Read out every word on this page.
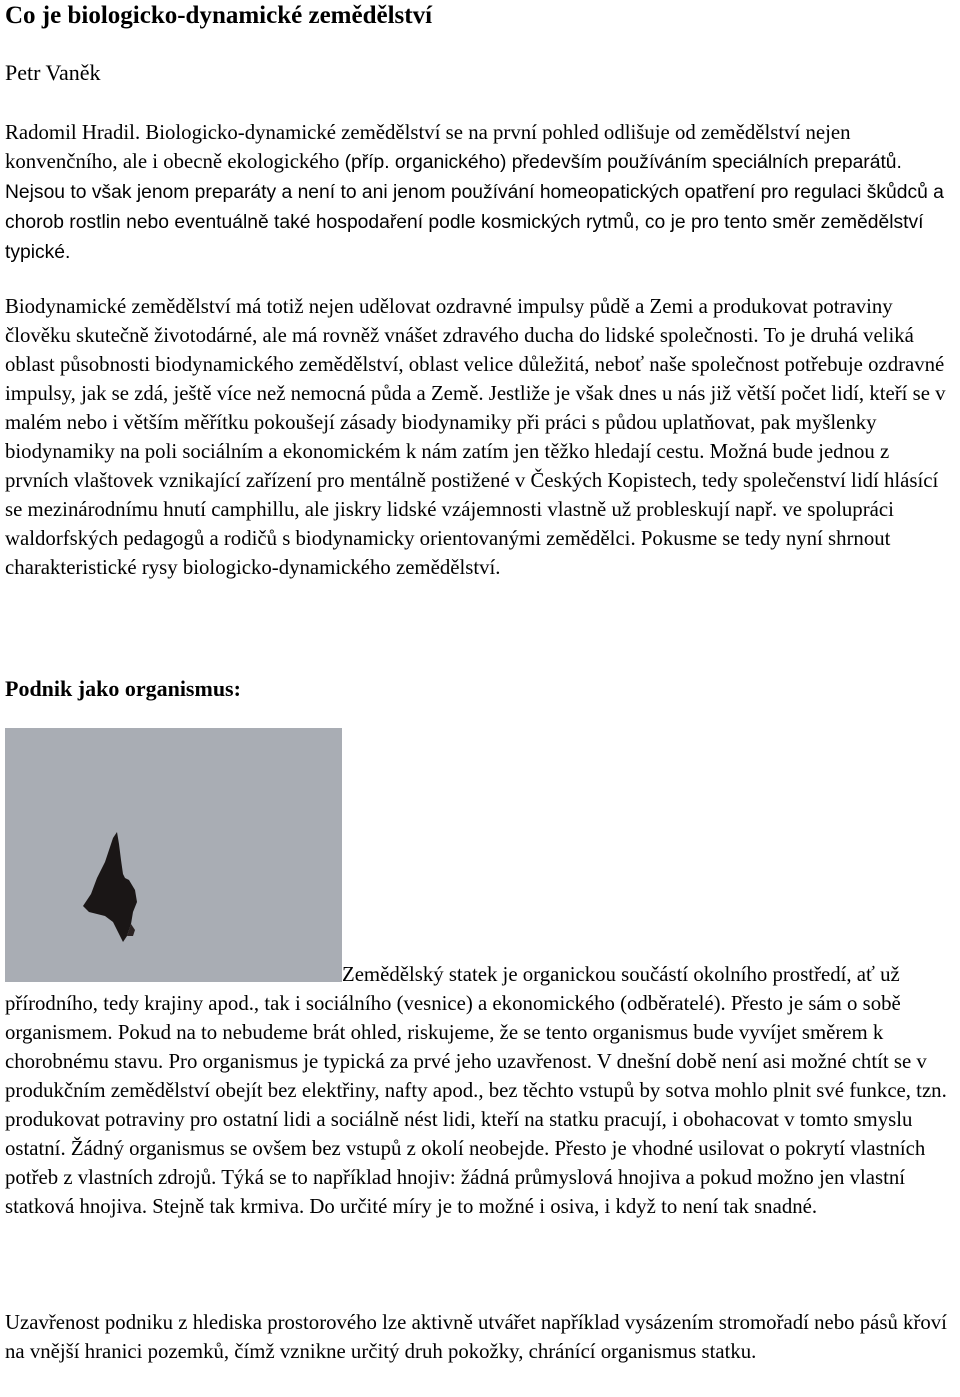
Co je biologicko-dynamické zemědělství
Petr Vaněk

Radomil Hradil. Biologicko-dynamické zemědělství se na první pohled odlišuje od zemědělství nejen konvenčního, ale i obecně ekologického (příp. organického) především používáním speciálních preparátů. Nejsou to však jenom preparáty a není to ani jenom používání homeopatických opatření pro regulaci škůdců a chorob rostlin nebo eventuálně také hospodaření podle kosmických rytmů, co je pro tento směr zemědělství typické.

Biodynamické zemědělství má totiž nejen udělovat ozdravné impulsy půdě a Zemi a produkovat potraviny člověku skutečně životodárné, ale má rovněž vnášet zdravého ducha do lidské společnosti. To je druhá veliká oblast působnosti biodynamického zemědělství, oblast velice důležitá, neboť naše společnost potřebuje ozdravné impulsy, jak se zdá, ještě více než nemocná půda a Země. Jestliže je však dnes u nás již větší počet lidí, kteří se v malém nebo i větším měřítku pokoušejí zásady biodynamiky při práci s půdou uplatňovat, pak myšlenky biodynamiky na poli sociálním a ekonomickém k nám zatím jen těžko hledají cestu. Možná bude jednou z prvních vlaštovek vznikající zařízení pro mentálně postižené v Českých Kopistech, tedy společenství lidí hlásící se mezinárodnímu hnutí camphillu, ale jiskry lidské vzájemnosti vlastně už probleskují např. ve spolupráci waldorfských pedagogů a rodičů s biodynamicky orientovanými zemědělci. Pokusme se tedy nyní shrnout charakteristické rysy biologicko-dynamického zemědělství.

Podnik jako organismus:

Zemědělský statek je organickou součástí okolního prostředí, ať už přírodního, tedy krajiny apod., tak i sociálního (vesnice) a ekonomického (odběratelé). Přesto je sám o sobě organismem. Pokud na to nebudeme brát ohled, riskujeme, že se tento organismus bude vyvíjet směrem k chorobnému stavu. Pro organismus je typická za prvé jeho uzavřenost. V dnešní době není asi možné chtít se v produkčním zemědělství obejít bez elektřiny, nafty apod., bez těchto vstupů by sotva mohlo plnit své funkce, tzn. produkovat potraviny pro ostatní lidi a sociálně nést lidi, kteří na statku pracují, i obohacovat v tomto smyslu ostatní. Žádný organismus se ovšem bez vstupů z okolí neobejde. Přesto je vhodné usilovat o pokrytí vlastních potřeb z vlastních zdrojů. Týká se to například hnojiv: žádná průmyslová hnojiva a pokud možno jen vlastní statková hnojiva. Stejně tak krmiva. Do určité míry je to možné i osiva, i když to není tak snadné.

Uzavřenost podniku z hlediska prostorového lze aktivně utvářet například vysázením stromořadí nebo pásů křoví na vnější hranici pozemků, čímž vznikne určitý druh pokožky, chránící organismus statku.
